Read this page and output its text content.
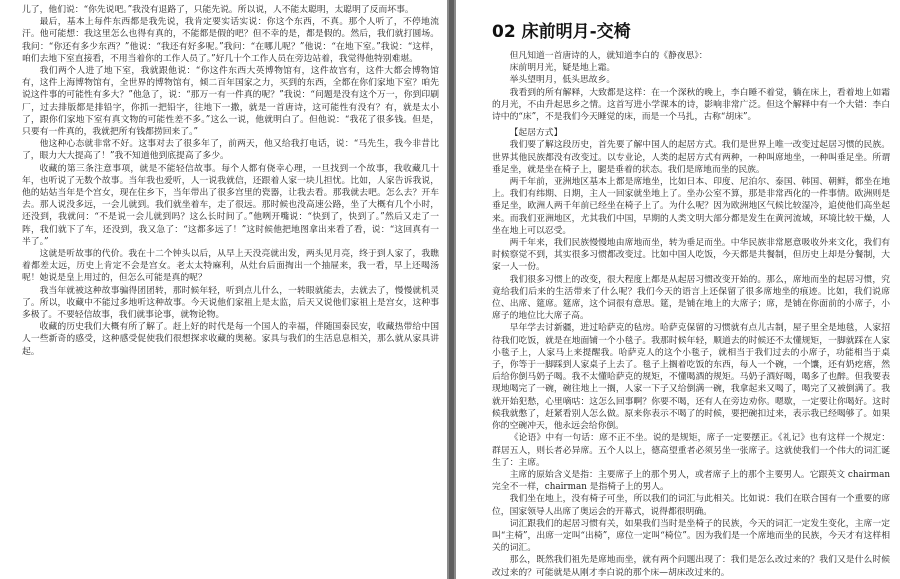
儿了，他们说：“你先说吧。”我没有退路了，只能先说。所以说，人不能太聪明，太聪明了反而坏事。

最后，基本上每件东西都是我先说，我肯定要实话实说：你这个东西，不真。那个人听了，不停地流汗。他可能想：我这里怎么也得有真的，不能都是假的吧？但不幸的是，都是假的。然后，我们就打圆场。我问：“你还有多少东西？”他说：“我还有好多呢。”我问：“在哪儿呢？”他说：“在地下室。”我说：“这样，咱们去地下室直接看，不用当着你的工作人员了。”好几十个工作人员在旁边站着，我觉得他特别难堪。

我们两个人进了地下室，我就跟他说：“你这件东西大英博物馆有，这件故宫有，这件大都会博物馆有，这件上海博物馆有，全世界的博物馆有，倾二百年国家之力，买到的东西，全都在你们家地下室？咱先说这件事的可能性有多大？”他急了，说：“那万一有一件真的呢？”我说：“问题是没有这个万一，你到印刷厂，过去排版都是排铅字，你抓一把铅字，往地下一撒，就是一首唐诗，这可能性有没有？有，就是太小了，跟你们家地下室有真文物的可能性差不多。”这么一说，他就明白了。但他说：“我花了很多钱。但是，只要有一件真的，我就把所有钱都捞回来了。”

他这种心态就非常不好。这事对去了很多年了，前两天，他又给我打电话，说：“马先生，我今非昔比了，眼力大大提高了！”我不知道他到底提高了多少。

收藏的第三条注意事项，就是不能轻信故事。每个人都有侥幸心理，一旦找到一个故事，我收藏几十年，也听说了无数个故事。当年我也爱听，人一说我就信，还跟着人家一块儿担忧。比如，人家告诉我说，他的姑姑当年是个宫女，现在住乡下，当年带出了很多宫里的瓷器，让我去看。那我就去吧。怎么去？开车去。那人说没多远，一会儿就到。我们就坐着车，走了很远。那时候也没高速公路，坐了大概有几个小时，还没到，我就问：“不是说一会儿就到吗？这么长时间了。”他咧开嘴说：“快到了，快到了。”然后又走了一阵，我们就下了车，还没到，我又急了：“这都多远了！”这时候他把地图拿出来看了看，说：“这回真有一半了。”

这就是听故事的代价。我在十二个钟头以后，从早上天没亮就出发，两头见月亮，终于到人家了，我瞧着都差太远，历史上肯定不会是宫女。老太太特麻利，从灶台后面掏出一个抽屉来，我一看，早上还喝汤呢！她说是皇上用过的，但怎么可能是真的呢？

我当年就被这种故事骗得团团转，那时候年轻，听到点儿什么，一转眼就能去，去就去了，慢慢就机灵了。所以，收藏中不能过多地听这种故事。今天说他们家祖上是太监，后天又说他们家祖上是宫女，这种事多极了。不要轻信故事，我们就事论事，就物论物。

收藏的历史我们大概有所了解了。赶上好的时代是每一个国人的幸福，伴随国泰民安，收藏热带给中国人一些新奇的感受，这种感受促使我们很想探求收藏的奥秘。家具与我们的生活息息相关，那么就从家具讲起。

02 床前明月-交椅

但凡知道一首唐诗的人，就知道李白的《静夜思》：

床前明月光，疑是地上霜。

举头望明月，低头思故乡。

我看到的所有解释，大致都是这样：在一个深秋的晚上，李白睡不着觉，躺在床上，看着地上如霜的月光，不由升起思乡之情。这首写进小学课本的诗，影响非常广泛。但这个解释中有一个大错：李白诗中的“床”，不是我们今天睡觉的床，而是一个马扎，古称“胡床”。

【起居方式】

我们要了解这段历史，首先要了解中国人的起居方式。我们是世界上唯一改变过起居习惯的民族。世界其他民族都没有改变过。以专业论，人类的起居方式有两种，一种叫席地坐，一种叫垂足坐。所谓垂足坐，就是坐在椅子上，腿是垂着的状态。我们是席地而坐的民族。

两千年前，亚洲地区基本上都是席地坐，比如日本、印度、尼泊尔、泰国、韩国、朝鲜，都坐在地上。我们有纬期、日期，主人一回家就坐地上了。坐办公室不算，那是非常西化的一件事情。欧洲则是垂足坐，欧洲人两千年前已经坐在椅子上了。为什么呢？因为欧洲地区气候比较湿冷，追使他们高坐起来。而我们亚洲地区，尤其我们中国，早期的人类文明大部分都是发生在黄河流域，环境比较干燥，人坐在地上可以忍受。

两千年来，我们民族慢慢地由席地而坐，转为垂足而坐。中华民族非常愿意吸收外来文化，我们有时候察觉不到，其实很多习惯都改变过。比如中国人吃饭，今天都是共餐制，但历史上却是分餐制，大家一人一份。

我们很多习惯上的改变，很大程度上都是从起居习惯改变开始的。那么，席地而坐的起居习惯，究竟给我们后来的生活带来了什么呢？我们今天的语言上还保留了很多席地坐的痕迹。比如，我们说席位、出席、筵席。筵席，这个词很有意思。筵，是铺在地上的大席子；席，是铺在你面前的小席子，小席子的地位比大席子高。

早年学去讨新疆，进过哈萨克的毡房。哈萨克保留的习惯就有点儿古制，屋子里全是地毯，人家招待我们吃饭，就是在地面铺一个小毯子。我那时候年轻，顺道去的时候还不太懂规矩，一脚就踩在人家小毯子上，人家马上来提醒我。哈萨克人的这个小毯子，就相当于我们过去的小席子，功能相当于桌子，你等于一脚踩到人家桌子上去了。毯子上搁着吃饭的东西，每人一个碗，一个馕，还有奶疙瘩，然后给你倒马奶子喝。我不太懂哈萨克的规矩，不懂喝酒的规矩。马奶子酒好喝，喝多了也醉。但我要表现地喝完了一碗，碗往地上一搁，人家一下子又给倒满一碗，我拿起来又喝了，喝完了又被倒满了。我就开始犯愁，心里嘀咕：这怎么回事啊？你要不喝，还有人在旁边劝你。嗯歇，一定要让你喝好。这时候我就憋了，赶紧看别人怎么做。原来你表示不喝了的时候，要把碗扣过来，表示我已经喝够了。如果你的空碗冲天，他永远会给你倒。

《论语》中有一句话：席不正不坐。说的是规矩，席子一定要摆正。《礼记》也有这样一个规定：群居五人，则长者必异席。五个人以上，德高望重者必须另坐一张席子。这就使我们一个伟大的词汇诞生了：主席。

主席的原始含义是指：主要席子上的那个男人，或者席子上的那个主要男人。它跟英文 chairman 完全不一样，chairman 是指椅子上的男人。

我们坐在地上，没有椅子可坐，所以我们的词汇与此相关。比如说：我们在联合国有一个重要的席位，国家领导人出席了奥运会的开幕式，说得都很明确。

词汇跟我们的起居习惯有关，如果我们当时是坐椅子的民族，今天的词汇一定发生变化，主席一定叫“主椅”，出席一定叫“出椅”，席位一定叫“椅位”。因为我们是一个席地而坐的民族，今天才有这样相关的词汇。

那么，既然我们祖先是席地而坐，就有两个问题出现了：我们是怎么改过来的？我们又是什么时候改过来的？可能就是从刚才李白说的那个床—胡床改过来的。
